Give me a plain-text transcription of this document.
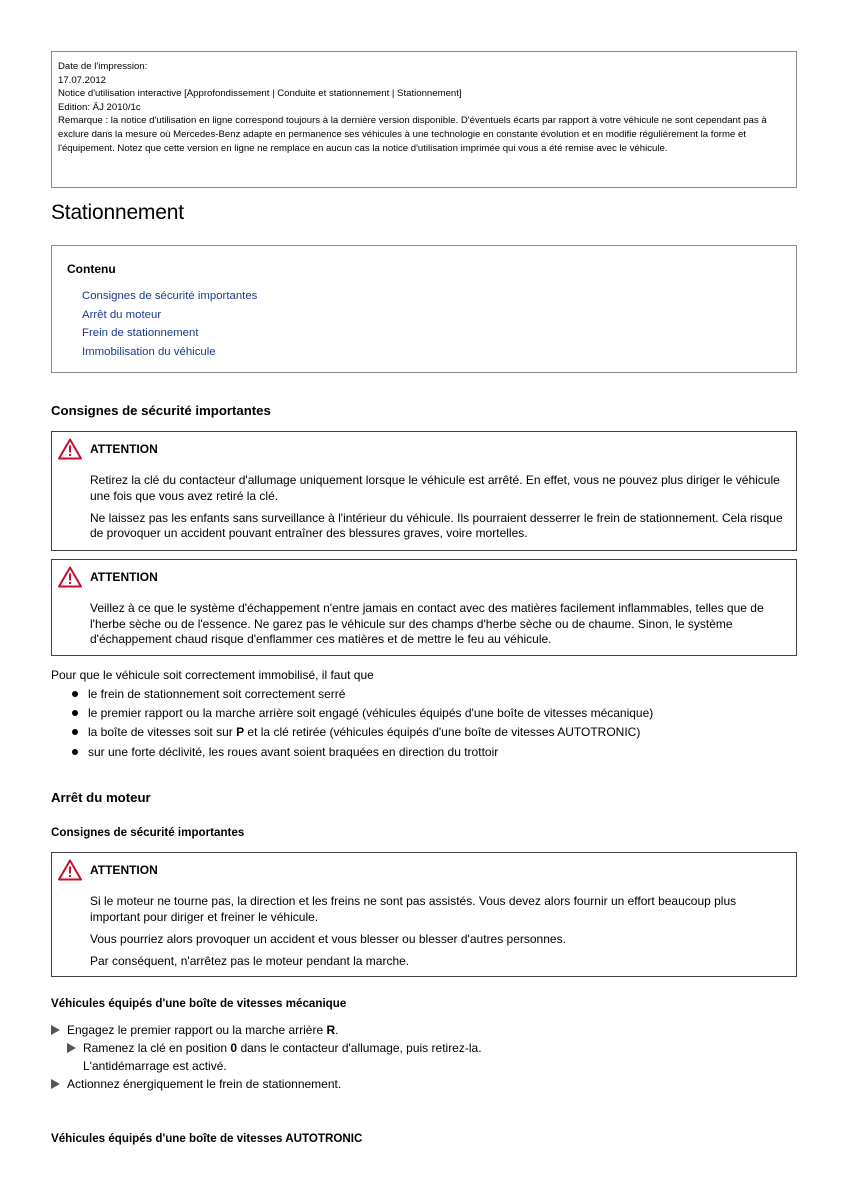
Date de l'impression:
17.07.2012
Notice d'utilisation interactive [Approfondissement | Conduite et stationnement | Stationnement]
Edition: ÄJ 2010/1c
Remarque : la notice d'utilisation en ligne correspond toujours à la dernière version disponible. D'éventuels écarts par rapport à votre véhicule ne sont cependant pas à exclure dans la mesure où Mercedes-Benz adapte en permanence ses véhicules à une technologie en constante évolution et en modifie régulièrement la forme et l'équipement. Notez que cette version en ligne ne remplace en aucun cas la notice d'utilisation imprimée qui vous a été remise avec le véhicule.
Stationnement
Contenu
Consignes de sécurité importantes
Arrêt du moteur
Frein de stationnement
Immobilisation du véhicule
Consignes de sécurité importantes
ATTENTION

Retirez la clé du contacteur d'allumage uniquement lorsque le véhicule est arrêté. En effet, vous ne pouvez plus diriger le véhicule une fois que vous avez retiré la clé.

Ne laissez pas les enfants sans surveillance à l'intérieur du véhicule. Ils pourraient desserrer le frein de stationnement. Cela risque de provoquer un accident pouvant entraîner des blessures graves, voire mortelles.

ATTENTION

Veillez à ce que le système d'échappement n'entre jamais en contact avec des matières facilement inflammables, telles que de l'herbe sèche ou de l'essence. Ne garez pas le véhicule sur des champs d'herbe sèche ou de chaume. Sinon, le système d'échappement chaud risque d'enflammer ces matières et de mettre le feu au véhicule.

Pour que le véhicule soit correctement immobilisé, il faut que
le frein de stationnement soit correctement serré
le premier rapport ou la marche arrière soit engagé (véhicules équipés d'une boîte de vitesses mécanique)
la boîte de vitesses soit sur P et la clé retirée (véhicules équipés d'une boîte de vitesses AUTOTRONIC)
sur une forte déclivité, les roues avant soient braquées en direction du trottoir
Arrêt du moteur
Consignes de sécurité importantes
ATTENTION

Si le moteur ne tourne pas, la direction et les freins ne sont pas assistés. Vous devez alors fournir un effort beaucoup plus important pour diriger et freiner le véhicule.

Vous pourriez alors provoquer un accident et vous blesser ou blesser d'autres personnes.

Par conséquent, n'arrêtez pas le moteur pendant la marche.

Véhicules équipés d'une boîte de vitesses mécanique
Engagez le premier rapport ou la marche arrière R.
Ramenez la clé en position 0 dans le contacteur d'allumage, puis retirez-la.
L'antidémarrage est activé.
Actionnez énergiquement le frein de stationnement.
Véhicules équipés d'une boîte de vitesses AUTOTRONIC
